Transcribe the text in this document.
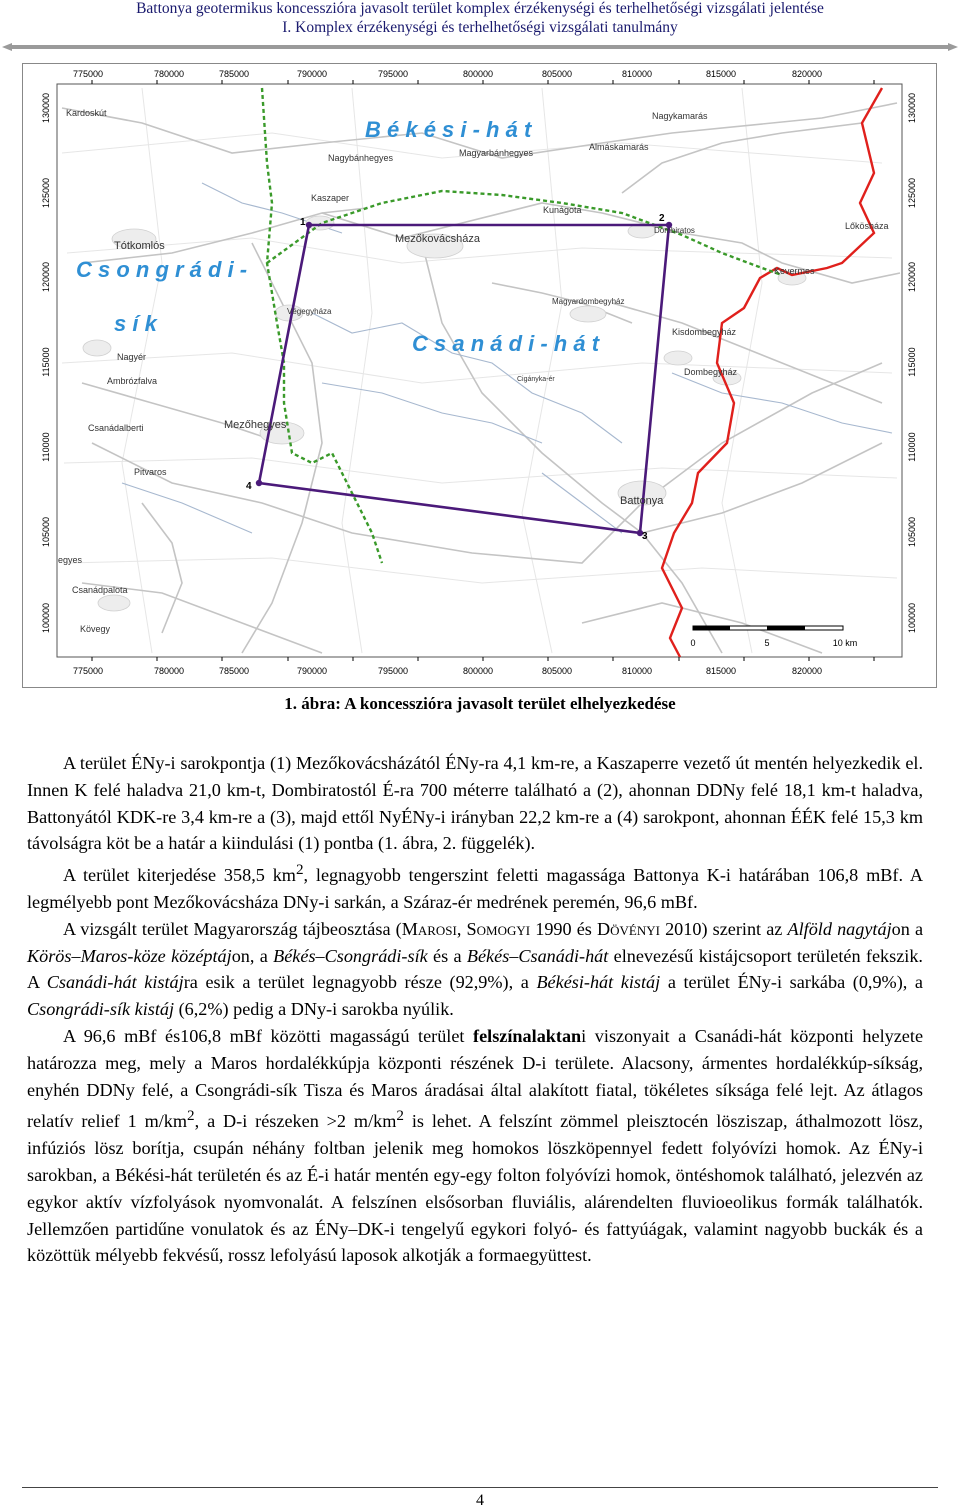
Battonya geotermikus koncesszióra javasolt terület komplex érzékenységi és terhelhetőségi vizsgálati jelentése
I. Komplex érzékenységi és terhelhetőségi vizsgálati tanulmány
1	2
3
4
775000	780000	785000	790000	795000	800000	805000	810000	815000	820000
775000	780000	785000	790000	795000	800000	805000	810000	815000	820000
130000
125000
120000
115000
110000
105000
100000
130000
125000
120000
115000
110000
105000
100000
B é k é s i - h á t
C s o n g r á d i -
s í k
C s a n á d i - h á t
Kardoskút
Nagybánhegyes	Magyarbánhegyes
Almáskamarás
Nagykamarás
Kaszaper
Kunágota
Dombiratos	Lőkösháza
Tótkomlós
Mezőkovácsháza
Kevermes
Végegyháza
Magyardombegyház
Kisdombegyház
Nagyér
Ambrózfalva	Cigányka-ér
Dombegyház
Csanádalberti	Mezőhegyes
Pitvaros
Battonya
egyes
Csanádpalota
Kövegy
0	5	10 km
1. ábra: A koncesszióra javasolt terület elhelyezkedése

A terület ÉNy-i sarokpontja (1) Mezőkovácsházától ÉNy-ra 4,1 km-re, a Kaszaperre vezető út mentén helyezkedik el. Innen K felé haladva 21,0 km-t, Dombiratostól É-ra 700 méterre található a (2), ahonnan DDNy felé 18,1 km-t haladva, Battonyától KDK-re 3,4 km-re a (3), majd ettől NyÉNy-i irányban 22,2 km-re a (4) sarokpont, ahonnan ÉÉK felé 15,3 km távolságra köt be a határ a kiindulási (1) pontba (1. ábra, 2. függelék).

A terület kiterjedése 358,5 $km^2$, legnagyobb tengerszint feletti magassága Battonya K-i határában 106,8 mBf. A legmélyebb pont Mezőkovácsháza DNy-i sarkán, a Száraz-ér medrének peremén, 96,6 mBf.

A vizsgált terület Magyarország tájbeosztása (Marosi, Somogyi 1990 és Dövényi 2010) szerint az Alföld nagytájon a Körös–Maros-köze középtájon, a Békés–Csongrádi-sík és a Békés–Csanádi-hát elnevezésű kistájcsoport területén fekszik. A Csanádi-hát kistájra esik a terület legnagyobb része (92,9%), a Békési-hát kistáj a terület ÉNy-i sarkába (0,9%), a Csongrádi-sík kistáj (6,2%) pedig a DNy-i sarokba nyúlik.

A 96,6 mBf és106,8 mBf közötti magasságú terület felszínalaktani viszonyait a Csanádi-hát központi helyzete határozza meg, mely a Maros hordalékkúpja központi részének D-i területe. Alacsony, ármentes hordalékkúp-síkság, enyhén DDNy felé, a Csongrádi-sík Tisza és Maros áradásai által alakított fiatal, tökéletes síksága felé lejt. Az átlagos relatív relief 1 $m/km^2$, a D-i részeken >2 $m/km^2$ is lehet. A felszínt zömmel pleisztocén lösziszap, áthalmozott lösz, infúziós lösz borítja, csupán néhány foltban jelenik meg homokos löszköpennyel fedett folyóvízi homok. Az ÉNy-i sarokban, a Békési-hát területén és az É-i határ mentén egy-egy folton folyóvízi homok, öntéshomok található, jelezvén az egykor aktív vízfolyások nyomvonalát. A felszínen elsősorban fluviális, alárendelten fluvioeolikus formák találhatók. Jellemzően partidűne vonulatok és az ÉNy–DK-i tengelyű egykori folyó- és fattyúágak, valamint nagyobb buckák és a közöttük mélyebb fekvésű, rossz lefolyású laposok alkotják a formaegyüttest.

4
